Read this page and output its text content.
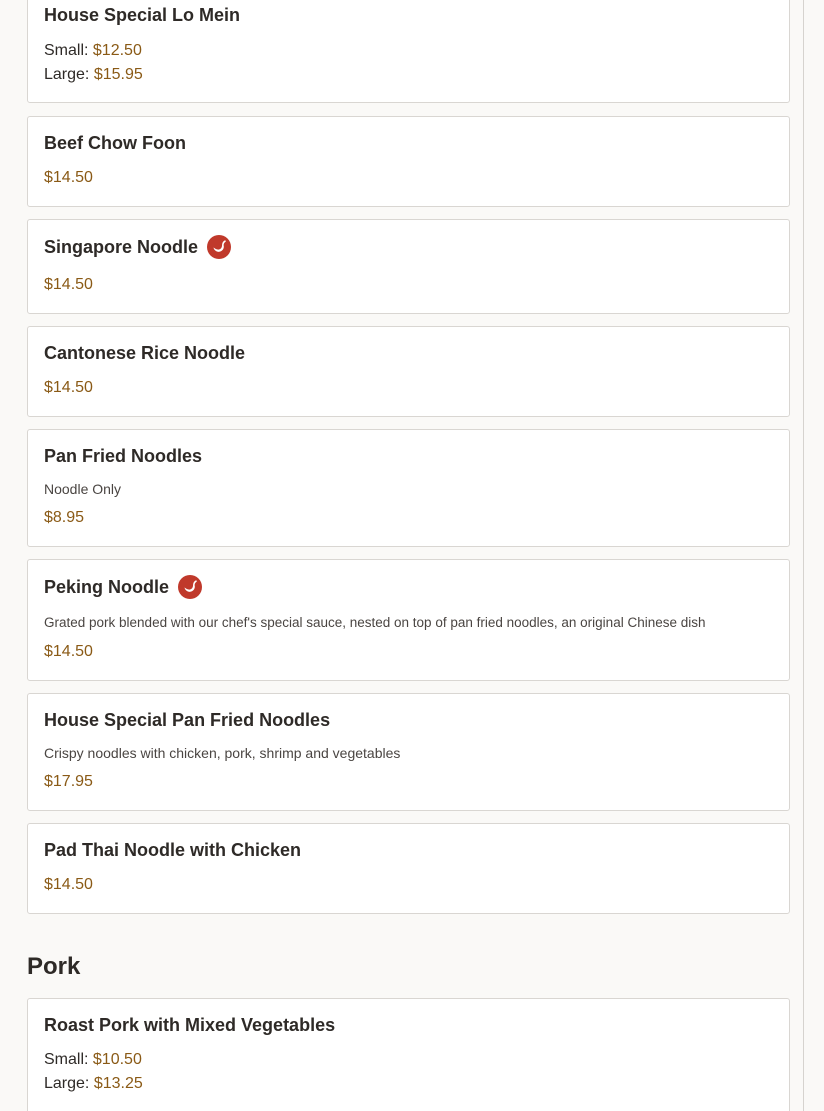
House Special Lo Mein
Small: $12.50
Large: $15.95
Beef Chow Foon
$14.50
Singapore Noodle
$14.50
Cantonese Rice Noodle
$14.50
Pan Fried Noodles
Noodle Only
$8.95
Peking Noodle
Grated pork blended with our chef's special sauce, nested on top of pan fried noodles, an original Chinese dish
$14.50
House Special Pan Fried Noodles
Crispy noodles with chicken, pork, shrimp and vegetables
$17.95
Pad Thai Noodle with Chicken
$14.50
Pork
Roast Pork with Mixed Vegetables
Small: $10.50
Large: $13.25
